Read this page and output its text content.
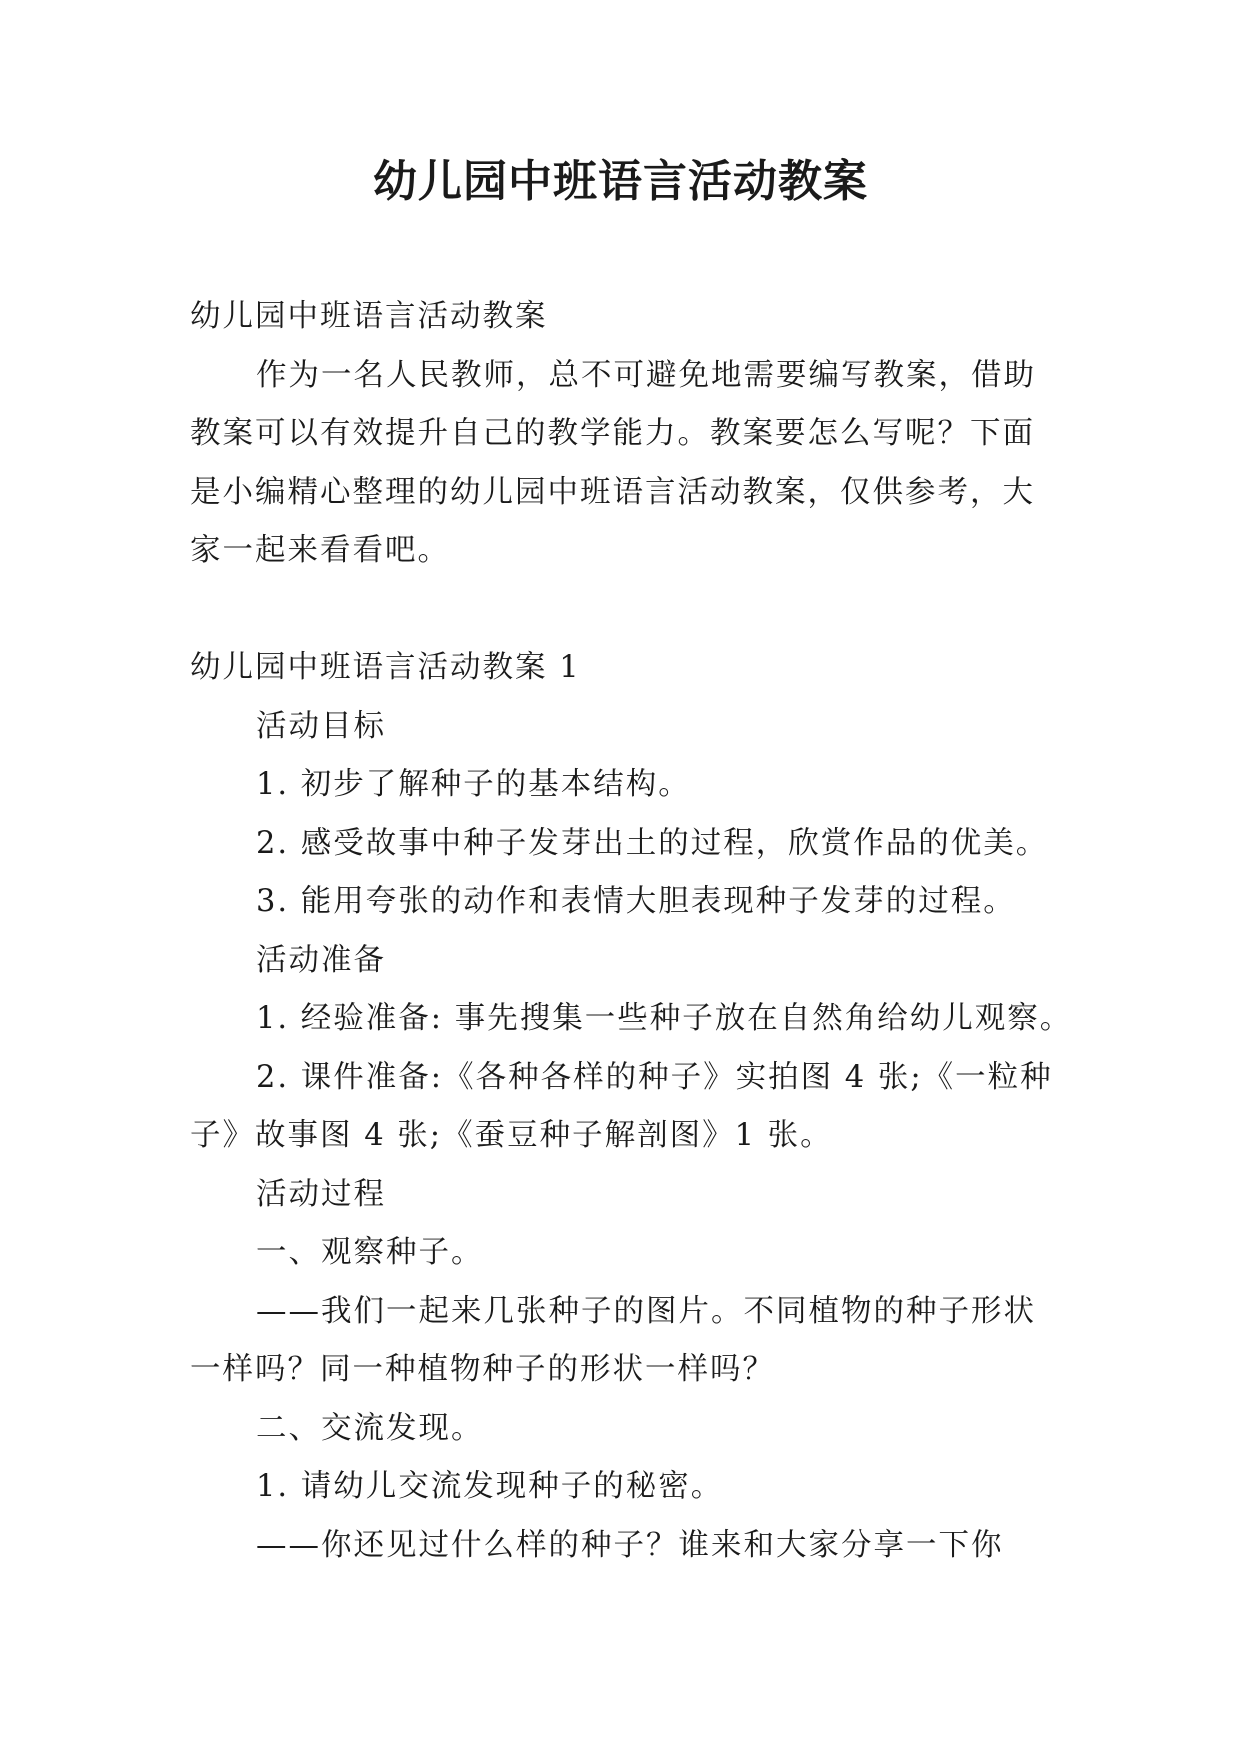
幼儿园中班语言活动教案
幼儿园中班语言活动教案
作为一名人民教师，总不可避免地需要编写教案，借助
教案可以有效提升自己的教学能力。教案要怎么写呢？下面
是小编精心整理的幼儿园中班语言活动教案，仅供参考，大
家一起来看看吧。
幼儿园中班语言活动教案 1
活动目标
1. 初步了解种子的基本结构。
2. 感受故事中种子发芽出土的过程，欣赏作品的优美。
3. 能用夸张的动作和表情大胆表现种子发芽的过程。
活动准备
1. 经验准备: 事先搜集一些种子放在自然角给幼儿观察。
2. 课件准备:《各种各样的种子》实拍图 4 张;《一粒种
子》故事图 4 张;《蚕豆种子解剖图》1 张。
活动过程
一、观察种子。
——我们一起来几张种子的图片。不同植物的种子形状
一样吗？同一种植物种子的形状一样吗？
二、交流发现。
1. 请幼儿交流发现种子的秘密。
——你还见过什么样的种子？谁来和大家分享一下你
